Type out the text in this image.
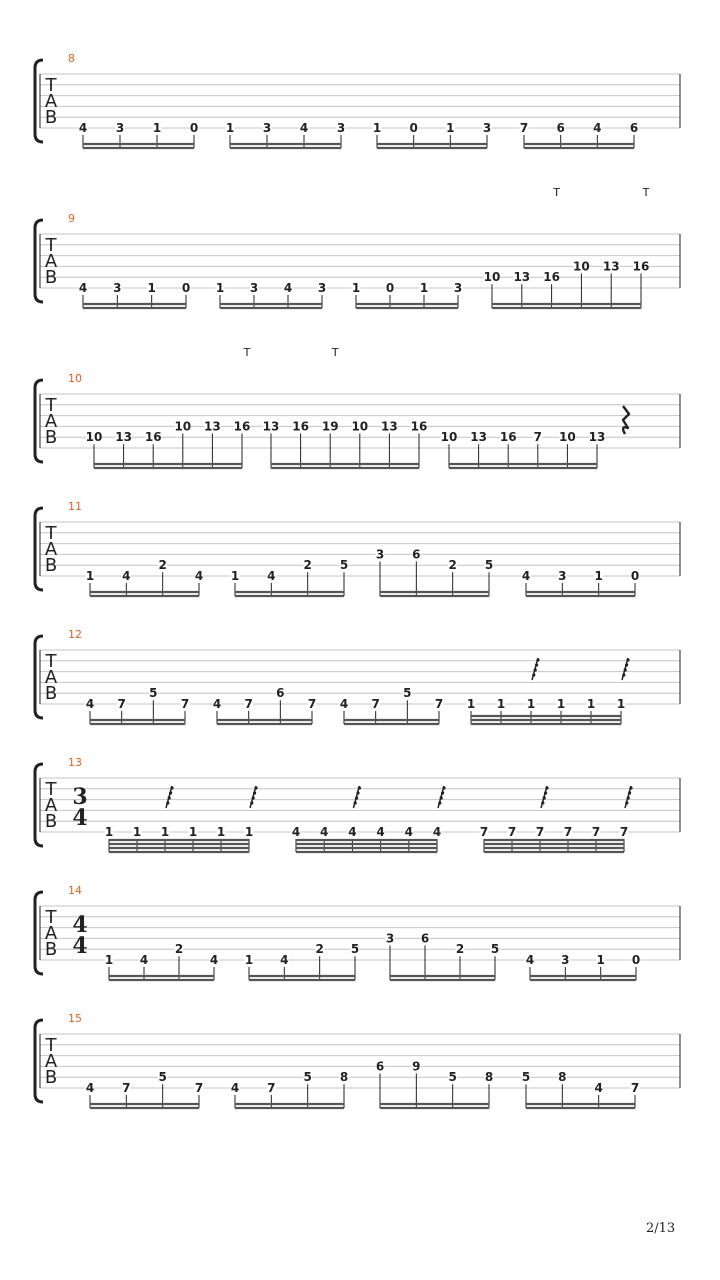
8
T
A
B 4 3 1 0 1 3 4 3 1 0 1 3 7 6 4 6
9
T
A
B 4 3 1 0 1 3 4 3 1 0 1 3
10 13 16
10 13 16
T	T
10
T
A
B 10 13 16
10 13 16 13 16 19 10 13 16
10 13 16 7 10 13
T	T
11
T
A
B 1 4
2
4 1 4
2 5
3 6
2 5
4 3 1 0
12
T
A
B 4 7
5
7 4 7
6
7 4 7
5
7 1 1 1 1 1 1
13
T
A
B
3
4
1 1 1 1 1 1	4 4 4 4 4 4	7 7 7 7 7 7
14
T
A
B
4
4
1 4
2
4 1 4
2 5
3 6
2 5
4 3 1 0
15
T
A
B 4 7
5
7 4 7
5 8
6 9
5 8 5 8
4 7
2/13
